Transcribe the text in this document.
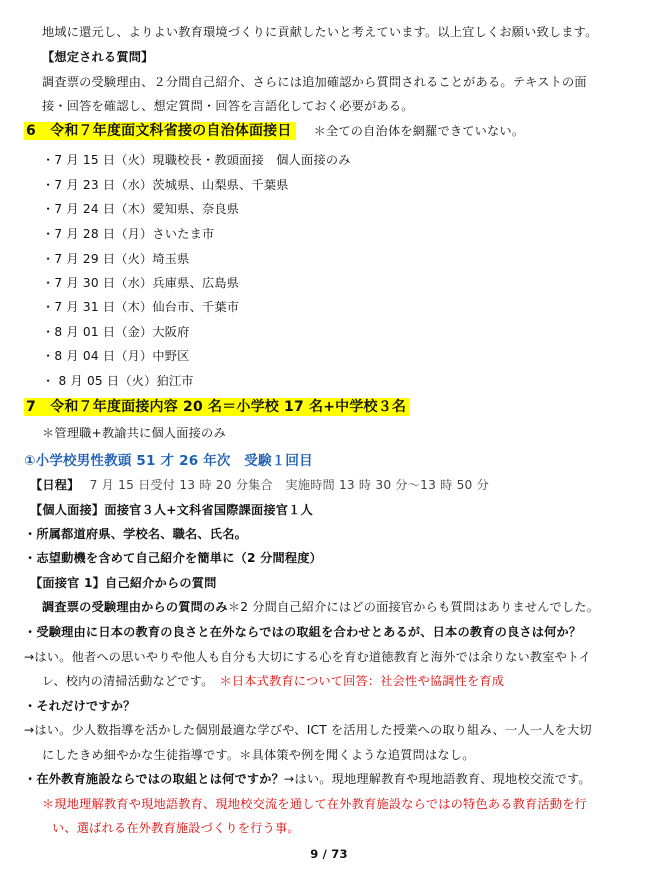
地域に還元し、よりよい教育環境づくりに貢献したいと考えています。以上宜しくお願い致します。
【想定される質問】
調査票の受験理由、２分間自己紹介、さらには追加確認から質問されることがある。テキストの面
接・回答を確認し、想定質問・回答を言語化しておく必要がある。
6　令和７年度面文科省接の自治体面接日 ＊全ての自治体を網羅できていない。
・7 月 15 日（火）現職校長・教頭面接　個人面接のみ
・7 月 23 日（水）茨城県、山梨県、千葉県
・7 月 24 日（木）愛知県、奈良県
・7 月 28 日（月）さいたま市
・7 月 29 日（火）埼玉県
・7 月 30 日（水）兵庫県、広島県
・7 月 31 日（木）仙台市、千葉市
・8 月 01 日（金）大阪府
・8 月 04 日（月）中野区
・ 8 月 05 日（火）狛江市
7　令和７年度面接内容 20 名＝小学校 17 名+中学校３名
＊管理職+教諭共に個人面接のみ
①小学校男性教頭 51 才 26 年次　受験１回目
【日程】 7 月 15 日受付 13 時 20 分集合　実施時間 13 時 30 分～13 時 50 分
【個人面接】面接官３人+文科省国際課面接官１人
・所属都道府県、学校名、職名、氏名。
・志望動機を含めて自己紹介を簡単に（2 分間程度）
【面接官 1】自己紹介からの質問
調査票の受験理由からの質問のみ＊2 分間自己紹介にはどの面接官からも質問はありませんでした。
・受験理由に日本の教育の良さと在外ならではの取組を合わせとあるが、日本の教育の良さは何か？
→はい。他者への思いやりや他人も自分も大切にする心を育む道徳教育と海外では余りない教室やトイ
レ、校内の清掃活動などです。 ＊日本式教育について回答：社会性や協調性を育成
・それだけですか？
→はい。少人数指導を活かした個別最適な学びや、ICT を活用した授業への取り組み、一人一人を大切
にしたきめ細やかな生徒指導です。＊具体策や例を聞くような追質問はなし。
・在外教育施設ならではの取組とは何ですか？→はい。現地理解教育や現地語教育、現地校交流です。
＊現地理解教育や現地語教育、現地校交流を通して在外教育施設ならではの特色ある教育活動を行
い、選ばれる在外教育施設づくりを行う事。
9 / 73
